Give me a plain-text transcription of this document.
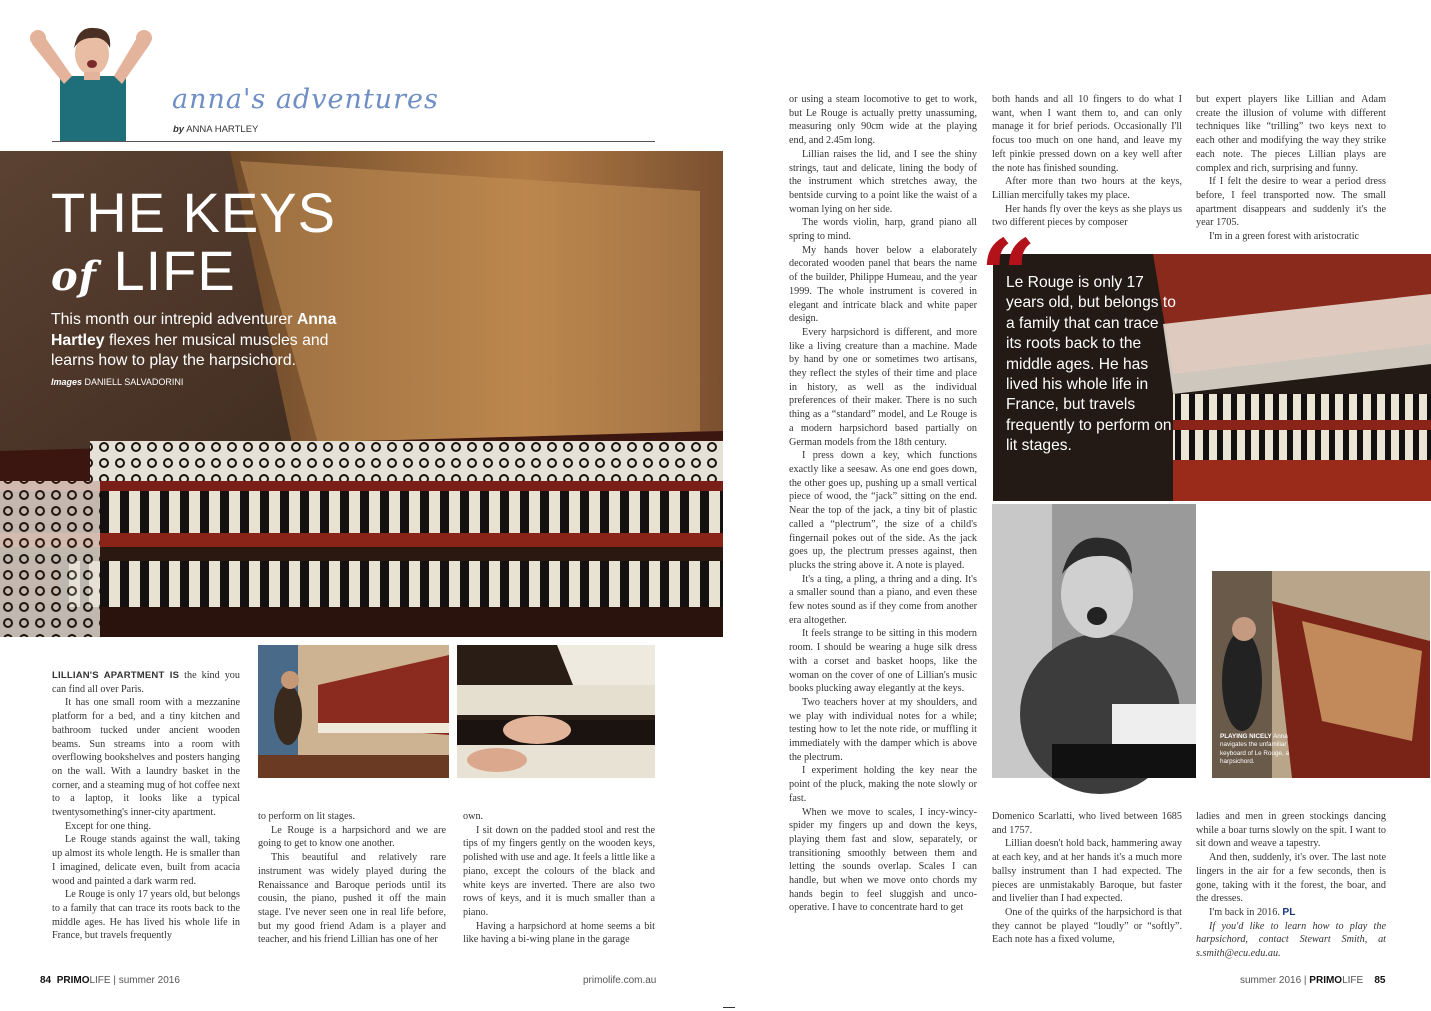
anna's adventures
by ANNA HARTLEY
THE KEYS
of LIFE
This month our intrepid adventurer Anna Hartley flexes her musical muscles and learns how to play the harpsichord.
Images DANIELL SALVADORINI

LILLIAN'S APARTMENT IS the kind you can find all over Paris.

It has one small room with a mezzanine platform for a bed, and a tiny kitchen and bathroom tucked under ancient wooden beams. Sun streams into a room with overflowing bookshelves and posters hanging on the wall. With a laundry basket in the corner, and a steaming mug of hot coffee next to a laptop, it looks like a typical twentysomething's inner-city apartment.

Except for one thing.

Le Rouge stands against the wall, taking up almost its whole length. He is smaller than I imagined, delicate even, built from acacia wood and painted a dark warm red.

Le Rouge is only 17 years old, but belongs to a family that can trace its roots back to the middle ages. He has lived his whole life in France, but travels frequently

to perform on lit stages.

Le Rouge is a harpsichord and we are going to get to know one another.

This beautiful and relatively rare instrument was widely played during the Renaissance and Baroque periods until its cousin, the piano, pushed it off the main stage. I've never seen one in real life before, but my good friend Adam is a player and teacher, and his friend Lillian has one of her

own.

I sit down on the padded stool and rest the tips of my fingers gently on the wooden keys, polished with use and age. It feels a little like a piano, except the colours of the black and white keys are inverted. There are also two rows of keys, and it is much smaller than a piano.

Having a harpsichord at home seems a bit like having a bi-wing plane in the garage

84 PRIMOLIFE | summer 2016	primolife.com.au

or using a steam locomotive to get to work, but Le Rouge is actually pretty unassuming, measuring only 90cm wide at the playing end, and 2.45m long.

Lillian raises the lid, and I see the shiny strings, taut and delicate, lining the body of the instrument which stretches away, the bentside curving to a point like the waist of a woman lying on her side.

The words violin, harp, grand piano all spring to mind.

My hands hover below a elaborately decorated wooden panel that bears the name of the builder, Philippe Humeau, and the year 1999. The whole instrument is covered in elegant and intricate black and white paper design.

Every harpsichord is different, and more like a living creature than a machine. Made by hand by one or sometimes two artisans, they reflect the styles of their time and place in history, as well as the individual preferences of their maker. There is no such thing as a “standard” model, and Le Rouge is a modern harpsichord based partially on German models from the 18th century.

I press down a key, which functions exactly like a seesaw. As one end goes down, the other goes up, pushing up a small vertical piece of wood, the “jack” sitting on the end. Near the top of the jack, a tiny bit of plastic called a “plectrum”, the size of a child's fingernail pokes out of the side. As the jack goes up, the plectrum presses against, then plucks the string above it. A note is played.

It's a ting, a pling, a thring and a ding. It's a smaller sound than a piano, and even these few notes sound as if they come from another era altogether.

It feels strange to be sitting in this modern room. I should be wearing a huge silk dress with a corset and basket hoops, like the woman on the cover of one of Lillian's music books plucking away elegantly at the keys.

Two teachers hover at my shoulders, and we play with individual notes for a while; testing how to let the note ride, or muffling it immediately with the damper which is above the plectrum.

I experiment holding the key near the point of the pluck, making the note slowly or fast.

When we move to scales, I incy-wincy-spider my fingers up and down the keys, playing them fast and slow, separately, or transitioning smoothly between them and letting the sounds overlap. Scales I can handle, but when we move onto chords my hands begin to feel sluggish and unco-operative. I have to concentrate hard to get

both hands and all 10 fingers to do what I want, when I want them to, and can only manage it for brief periods. Occasionally I'll focus too much on one hand, and leave my left pinkie pressed down on a key well after the note has finished sounding.

After more than two hours at the keys, Lillian mercifully takes my place.

Her hands fly over the keys as she plays us two different pieces by composer

but expert players like Lillian and Adam create the illusion of volume with different techniques like “trilling” two keys next to each other and modifying the way they strike each note. The pieces Lillian plays are complex and rich, surprising and funny.

If I felt the desire to wear a period dress before, I feel transported now. The small apartment disappears and suddenly it's the year 1705.

I'm in a green forest with aristocratic

“
Le Rouge is only 17 years old, but belongs to a family that can trace its roots back to the middle ages. He has lived his whole life in France, but travels frequently to perform on lit stages.
PLAYING NICELY Anna navigates the unfamiliar keyboard of Le Rouge, a harpsichord.

Domenico Scarlatti, who lived between 1685 and 1757.

Lillian doesn't hold back, hammering away at each key, and at her hands it's a much more ballsy instrument than I had expected. The pieces are unmistakably Baroque, but faster and livelier than I had expected.

One of the quirks of the harpsichord is that they cannot be played “loudly” or “softly”. Each note has a fixed volume,

ladies and men in green stockings dancing while a boar turns slowly on the spit. I want to sit down and weave a tapestry.

And then, suddenly, it's over. The last note lingers in the air for a few seconds, then is gone, taking with it the forest, the boar, and the dresses.

I'm back in 2016. PL

If you'd like to learn how to play the harpsichord, contact Stewart Smith, at s.smith@ecu.edu.au.

summer 2016 | PRIMOLIFE 85
